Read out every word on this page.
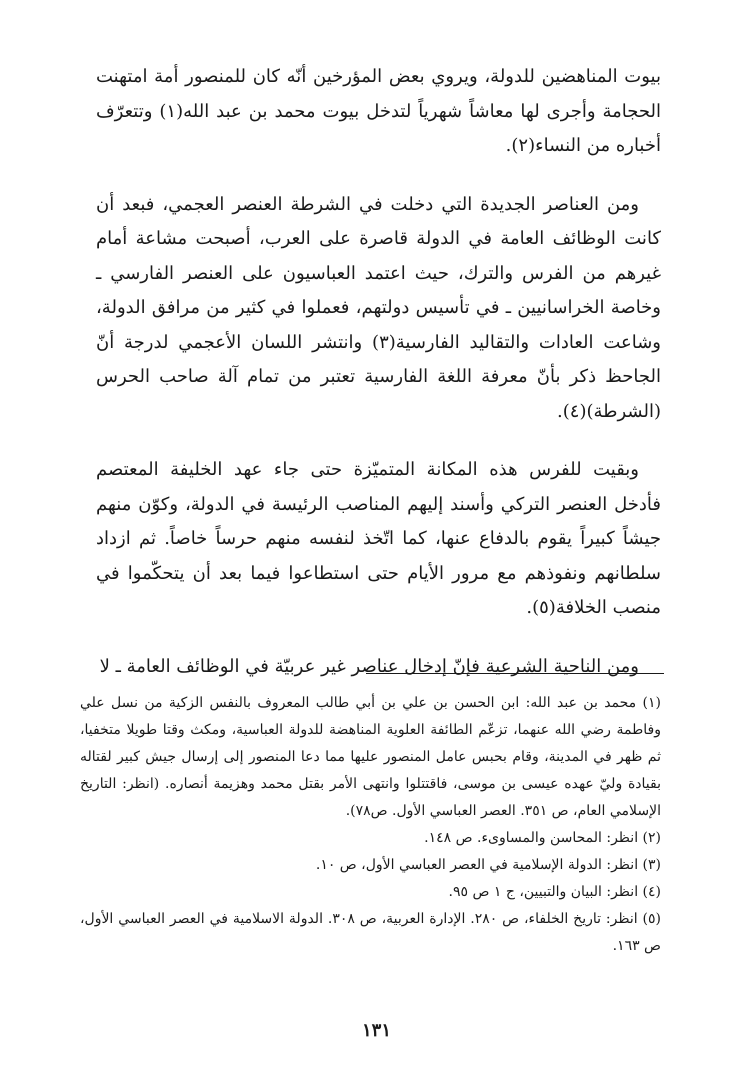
بيوت المناهضين للدولة، ويروي بعض المؤرخين أنّه كان للمنصور أمة امتهنت الحجامة وأجرى لها معاشاً شهرياً لتدخل بيوت محمد بن عبد الله(١) وتتعرّف أخباره من النساء(٢).

ومن العناصر الجديدة التي دخلت في الشرطة العنصر العجمي، فبعد أن كانت الوظائف العامة في الدولة قاصرة على العرب، أصبحت مشاعة أمام غيرهم من الفرس والترك، حيث اعتمد العباسيون على العنصر الفارسي ـ وخاصة الخراسانيين ـ في تأسيس دولتهم، فعملوا في كثير من مرافق الدولة، وشاعت العادات والتقاليد الفارسية(٣) وانتشر اللسان الأعجمي لدرجة أنّ الجاحظ ذكر بأنّ معرفة اللغة الفارسية تعتبر من تمام آلة صاحب الحرس (الشرطة)(٤).

وبقيت للفرس هذه المكانة المتميّزة حتى جاء عهد الخليفة المعتصم فأدخل العنصر التركي وأسند إليهم المناصب الرئيسة في الدولة، وكوّن منهم جيشاً كبيراً يقوم بالدفاع عنها، كما اتّخذ لنفسه منهم حرساً خاصاً. ثم ازداد سلطانهم ونفوذهم مع مرور الأيام حتى استطاعوا فيما بعد أن يتحكّموا في منصب الخلافة(٥).

ومن الناحية الشرعية فإنّ إدخال عناصر غير عربيّة في الوظائف العامة ـ لا

(١) محمد بن عبد الله: ابن الحسن بن علي بن أبي طالب المعروف بالنفس الزكية من نسل علي وفاطمة رضي الله عنهما، تزعّم الطائفة العلوية المناهضة للدولة العباسية، ومكث وقتا طويلا متخفيا، ثم ظهر في المدينة، وقام بحبس عامل المنصور عليها مما دعا المنصور إلى إرسال جيش كبير لقتاله بقيادة وليّ عهده عيسى بن موسى، فاقتتلوا وانتهى الأمر بقتل محمد وهزيمة أنصاره. (انظر: التاريخ الإسلامي العام، ص ٣٥١. العصر العباسي الأول. ص٧٨).

(٢) انظر: المحاسن والمساوىء. ص ١٤٨.

(٣) انظر: الدولة الإسلامية في العصر العباسي الأول، ص ١٠.

(٤) انظر: البيان والتبيين، ج ١ ص ٩٥.

(٥) انظر: تاريخ الخلفاء، ص ٢٨٠. الإدارة العربية، ص ٣٠٨. الدولة الاسلامية في العصر العباسي الأول، ص ١٦٣.

١٣١
